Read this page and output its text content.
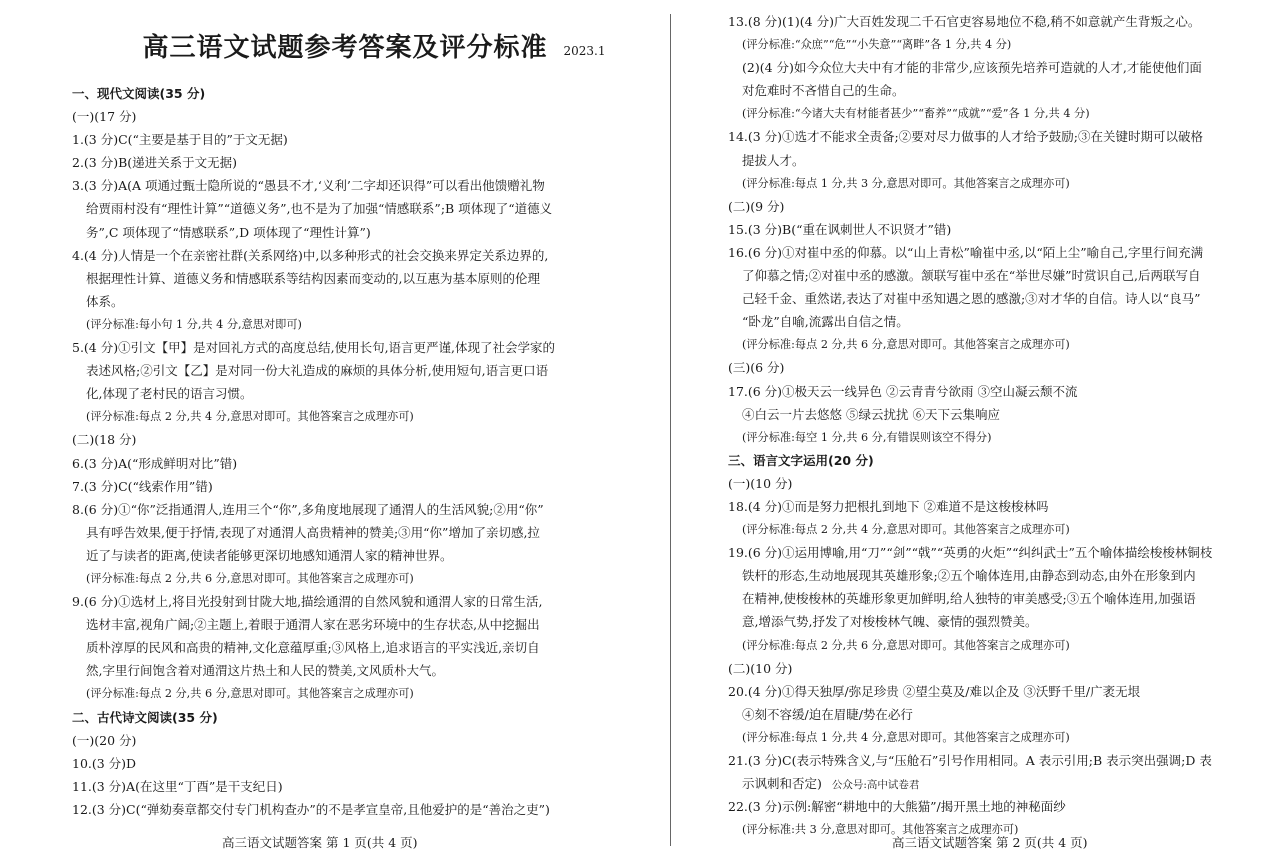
高三语文试题参考答案及评分标准 2023.1
一、现代文阅读(35 分)
(一)(17 分)
1.(3 分)C(“主要是基于目的”于文无据)
2.(3 分)B(递进关系于文无据)
3.(3 分)A(A 项通过甄士隐所说的“愚县不才,‘义利’二字却还识得”可以看出他馈赠礼物
给贾雨村没有“理性计算”“道德义务”,也不是为了加强“情感联系”;B 项体现了“道德义
务”,C 项体现了“情感联系”,D 项体现了“理性计算”)
4.(4 分)人情是一个在亲密社群(关系网络)中,以多种形式的社会交换来界定关系边界的,
根据理性计算、道德义务和情感联系等结构因素而变动的,以互惠为基本原则的伦理
体系。
(评分标准:每小句 1 分,共 4 分,意思对即可)
5.(4 分)①引文【甲】是对回礼方式的高度总结,使用长句,语言更严谨,体现了社会学家的
表述风格;②引文【乙】是对同一份大礼造成的麻烦的具体分析,使用短句,语言更口语
化,体现了老村民的语言习惯。
(评分标准:每点 2 分,共 4 分,意思对即可。其他答案言之成理亦可)
(二)(18 分)
6.(3 分)A(“形成鲜明对比”错)
7.(3 分)C(“线索作用”错)
8.(6 分)①“你”泛指通渭人,连用三个“你”,多角度地展现了通渭人的生活风貌;②用“你”
具有呼告效果,便于抒情,表现了对通渭人高贵精神的赞美;③用“你”增加了亲切感,拉
近了与读者的距离,使读者能够更深切地感知通渭人家的精神世界。
(评分标准:每点 2 分,共 6 分,意思对即可。其他答案言之成理亦可)
9.(6 分)①选材上,将目光投射到甘陇大地,描绘通渭的自然风貌和通渭人家的日常生活,
选材丰富,视角广阔;②主题上,着眼于通渭人家在恶劣环境中的生存状态,从中挖掘出
质朴淳厚的民风和高贵的精神,文化意蕴厚重;③风格上,追求语言的平实浅近,亲切自
然,字里行间饱含着对通渭这片热土和人民的赞美,文风质朴大气。
(评分标准:每点 2 分,共 6 分,意思对即可。其他答案言之成理亦可)
二、古代诗文阅读(35 分)
(一)(20 分)
10.(3 分)D
11.(3 分)A(在这里“丁酉”是干支纪日)
12.(3 分)C(“弹劾奏章都交付专门机构查办”的不是孝宣皇帝,且他爱护的是“善治之吏”)
13.(8 分)(1)(4 分)广大百姓发现二千石官吏容易地位不稳,稍不如意就产生背叛之心。
(评分标准:“众庶”“危”“小失意”“离畔”各 1 分,共 4 分)
(2)(4 分)如今众位大夫中有才能的非常少,应该预先培养可造就的人才,才能使他们面
对危难时不吝惜自己的生命。
(评分标准:“今诸大夫有材能者甚少”“畜养”“成就”“爱”各 1 分,共 4 分)
14.(3 分)①选才不能求全责备;②要对尽力做事的人才给予鼓励;③在关键时期可以破格
提拔人才。
(评分标准:每点 1 分,共 3 分,意思对即可。其他答案言之成理亦可)
(二)(9 分)
15.(3 分)B(“重在讽刺世人不识贤才”错)
16.(6 分)①对崔中丞的仰慕。以“山上青松”喻崔中丞,以“陌上尘”喻自己,字里行间充满
了仰慕之情;②对崔中丞的感激。颔联写崔中丞在“举世尽嫌”时赏识自己,后两联写自
己轻千金、重然诺,表达了对崔中丞知遇之恩的感激;③对才华的自信。诗人以“良马”
“卧龙”自喻,流露出自信之情。
(评分标准:每点 2 分,共 6 分,意思对即可。其他答案言之成理亦可)
(三)(6 分)
17.(6 分)①极天云一线异色 ②云青青兮欲雨 ③空山凝云颓不流
④白云一片去悠悠 ⑤绿云扰扰 ⑥天下云集响应
(评分标准:每空 1 分,共 6 分,有错误则该空不得分)
三、语言文字运用(20 分)
(一)(10 分)
18.(4 分)①而是努力把根扎到地下 ②难道不是这梭梭林吗
(评分标准:每点 2 分,共 4 分,意思对即可。其他答案言之成理亦可)
19.(6 分)①运用博喻,用“刀”“剑”“戟”“英勇的火炬”“纠纠武士”五个喻体描绘梭梭林铜枝
铁杆的形态,生动地展现其英雄形象;②五个喻体连用,由静态到动态,由外在形象到内
在精神,使梭梭林的英雄形象更加鲜明,给人独特的审美感受;③五个喻体连用,加强语
意,增添气势,抒发了对梭梭林气魄、豪情的强烈赞美。
(评分标准:每点 2 分,共 6 分,意思对即可。其他答案言之成理亦可)
(二)(10 分)
20.(4 分)①得天独厚/弥足珍贵 ②望尘莫及/难以企及 ③沃野千里/广袤无垠
④刻不容缓/迫在眉睫/势在必行
(评分标准:每点 1 分,共 4 分,意思对即可。其他答案言之成理亦可)
21.(3 分)C(表示特殊含义,与“压舱石”引号作用相同。A 表示引用;B 表示突出强调;D 表
示讽刺和否定) 公众号:高中试卷君
22.(3 分)示例:解密“耕地中的大熊猫”/揭开黑土地的神秘面纱
(评分标准:共 3 分,意思对即可。其他答案言之成理亦可)
高三语文试题答案 第 1 页(共 4 页)	高三语文试题答案 第 2 页(共 4 页)
